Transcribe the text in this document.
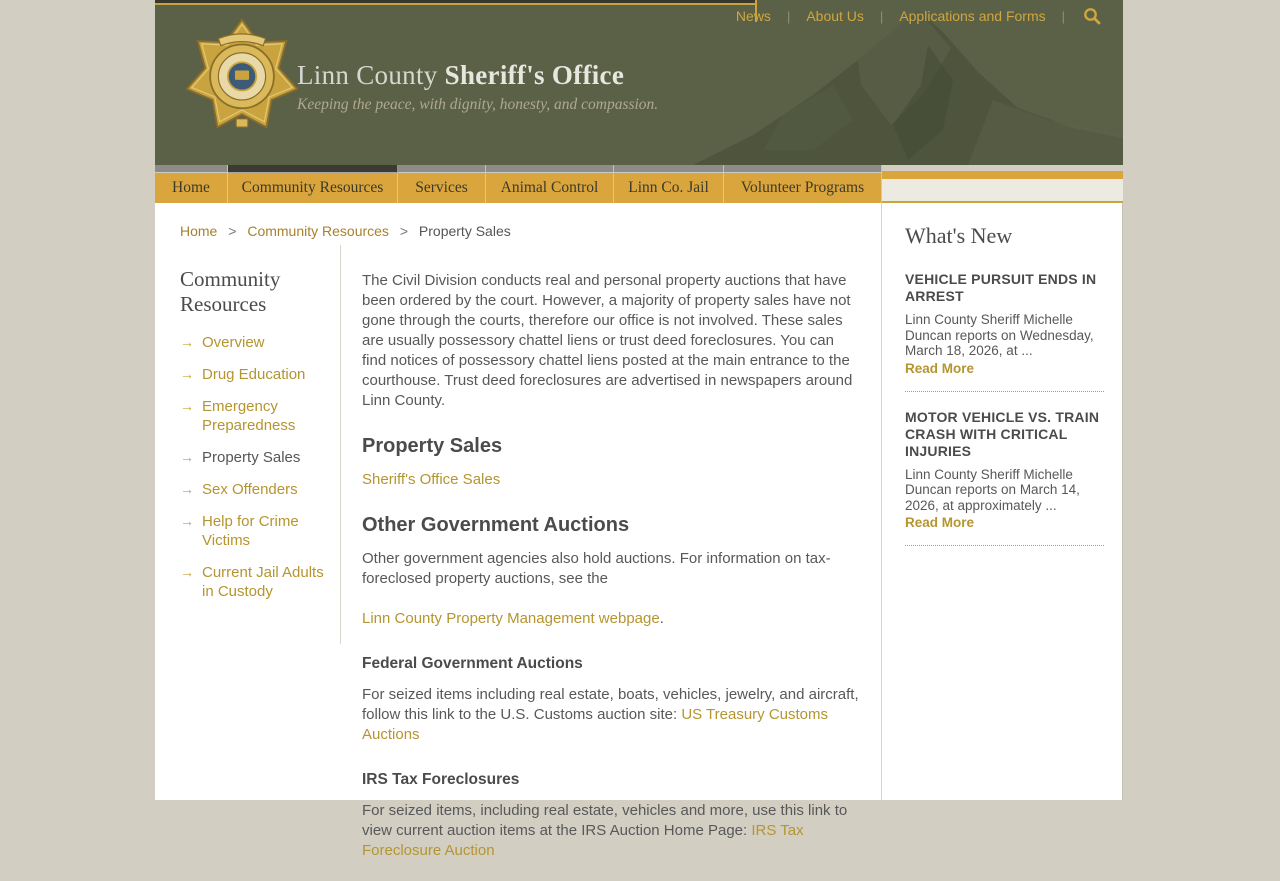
News	|	About Us	|	Applications and Forms	|
Linn County Sheriff's Office
Keeping the peace, with dignity, honesty, and compassion.
Home	Community Resources	Services	Animal Control	Linn Co. Jail	Volunteer Programs
Home > Community Resources > Property Sales
Community Resources
→ Overview
→ Drug Education
→ Emergency Preparedness
→ Property Sales
→ Sex Offenders
→ Help for Crime Victims
→ Current Jail Adults in Custody

The Civil Division conducts real and personal property auctions that have been ordered by the court. However, a majority of property sales have not gone through the courts, therefore our office is not involved. These sales are usually possessory chattel liens or trust deed foreclosures. You can find notices of possessory chattel liens posted at the main entrance to the courthouse. Trust deed foreclosures are advertised in newspapers around Linn County.

Property Sales

Sheriff's Office Sales

Other Government Auctions

Other government agencies also hold auctions. For information on tax-foreclosed property auctions, see the

Linn County Property Management webpage.

Federal Government Auctions

For seized items including real estate, boats, vehicles, jewelry, and aircraft, follow this link to the U.S. Customs auction site: US Treasury Customs Auctions

IRS Tax Foreclosures

For seized items, including real estate, vehicles and more, use this link to view current auction items at the IRS Auction Home Page: IRS Tax Foreclosure Auction

What's New
VEHICLE PURSUIT ENDS IN ARREST
Linn County Sheriff Michelle Duncan reports on Wednesday, March 18, 2026, at ...
Read More
MOTOR VEHICLE VS. TRAIN CRASH WITH CRITICAL INJURIES
Linn County Sheriff Michelle Duncan reports on March 14, 2026, at approximately ...
Read More
